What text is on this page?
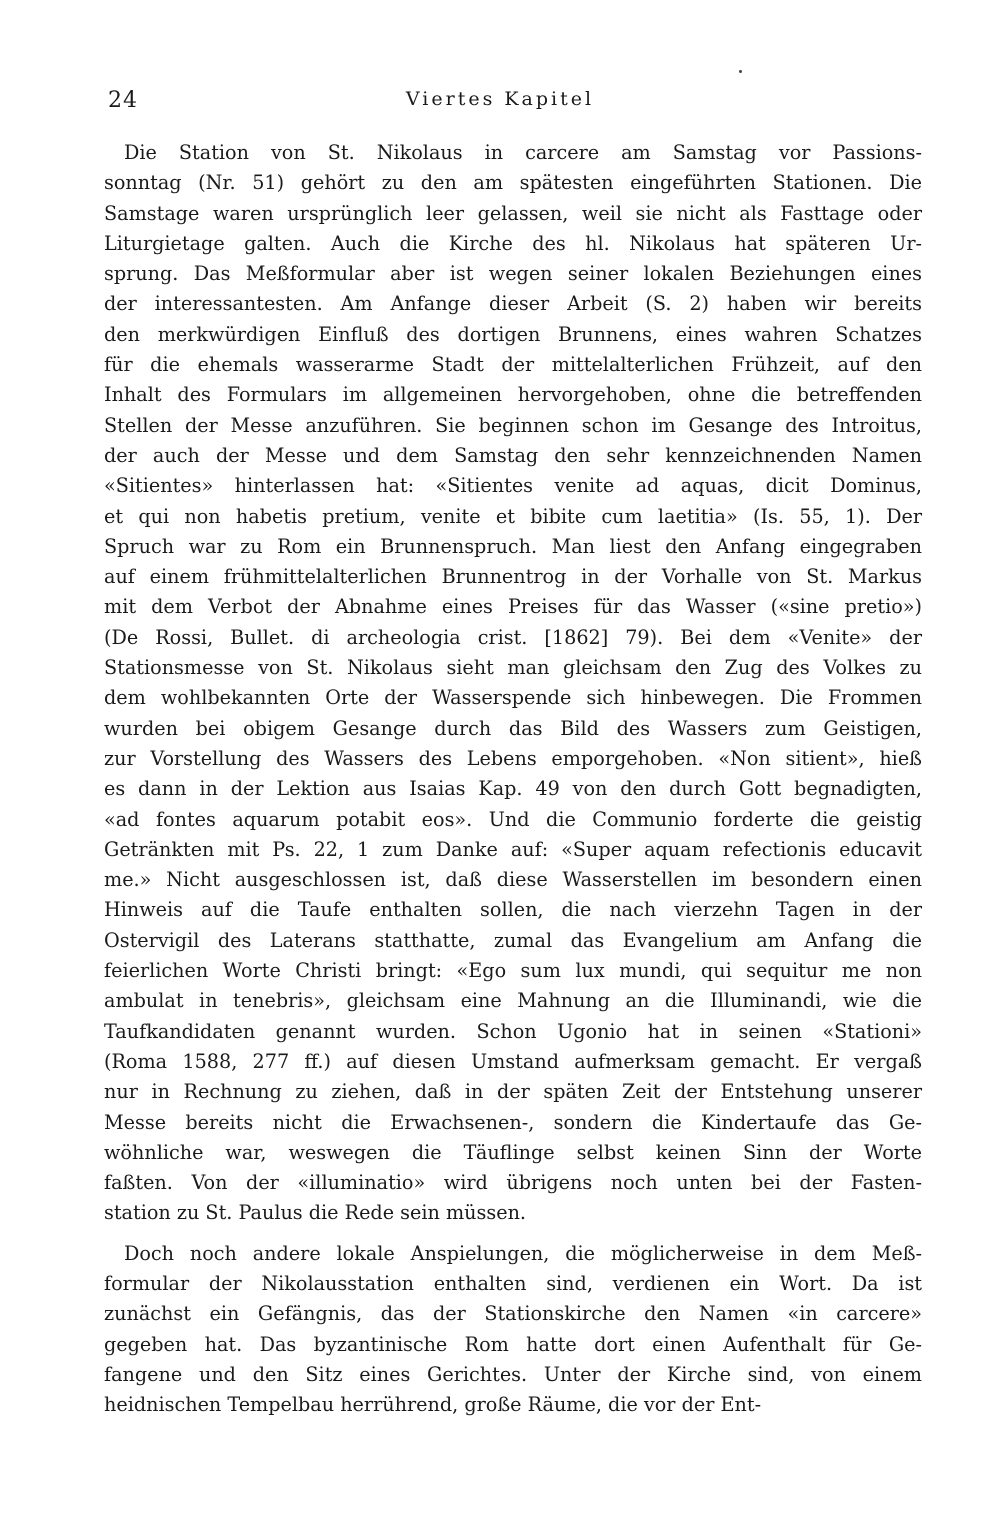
24	Viertes Kapitel
Die Station von St. Nikolaus in carcere am Samstag vor Passions-
sonntag (Nr. 51) gehört zu den am spätesten eingeführten Stationen. Die
Samstage waren ursprünglich leer gelassen, weil sie nicht als Fasttage oder
Liturgietage galten. Auch die Kirche des hl. Nikolaus hat späteren Ur-
sprung. Das Meßformular aber ist wegen seiner lokalen Beziehungen eines
der interessantesten. Am Anfange dieser Arbeit (S. 2) haben wir bereits
den merkwürdigen Einfluß des dortigen Brunnens, eines wahren Schatzes
für die ehemals wasserarme Stadt der mittelalterlichen Frühzeit, auf den
Inhalt des Formulars im allgemeinen hervorgehoben, ohne die betreffenden
Stellen der Messe anzuführen. Sie beginnen schon im Gesange des Introitus,
der auch der Messe und dem Samstag den sehr kennzeichnenden Namen
«Sitientes» hinterlassen hat: «Sitientes venite ad aquas, dicit Dominus,
et qui non habetis pretium, venite et bibite cum laetitia» (Is. 55, 1). Der
Spruch war zu Rom ein Brunnenspruch. Man liest den Anfang eingegraben
auf einem frühmittelalterlichen Brunnentrog in der Vorhalle von St. Markus
mit dem Verbot der Abnahme eines Preises für das Wasser («sine pretio»)
(De Rossi, Bullet. di archeologia crist. [1862] 79). Bei dem «Venite» der
Stationsmesse von St. Nikolaus sieht man gleichsam den Zug des Volkes zu
dem wohlbekannten Orte der Wasserspende sich hinbewegen. Die Frommen
wurden bei obigem Gesange durch das Bild des Wassers zum Geistigen,
zur Vorstellung des Wassers des Lebens emporgehoben. «Non sitient», hieß
es dann in der Lektion aus Isaias Kap. 49 von den durch Gott begnadigten,
«ad fontes aquarum potabit eos». Und die Communio forderte die geistig
Getränkten mit Ps. 22, 1 zum Danke auf: «Super aquam refectionis educavit
me.» Nicht ausgeschlossen ist, daß diese Wasserstellen im besondern einen
Hinweis auf die Taufe enthalten sollen, die nach vierzehn Tagen in der
Ostervigil des Laterans statthatte, zumal das Evangelium am Anfang die
feierlichen Worte Christi bringt: «Ego sum lux mundi, qui sequitur me non
ambulat in tenebris», gleichsam eine Mahnung an die Illuminandi, wie die
Taufkandidaten genannt wurden. Schon Ugonio hat in seinen «Stationi»
(Roma 1588, 277 ff.) auf diesen Umstand aufmerksam gemacht. Er vergaß
nur in Rechnung zu ziehen, daß in der späten Zeit der Entstehung unserer
Messe bereits nicht die Erwachsenen-, sondern die Kindertaufe das Ge-
wöhnliche war, weswegen die Täuflinge selbst keinen Sinn der Worte
faßten. Von der «illuminatio» wird übrigens noch unten bei der Fasten-
station zu St. Paulus die Rede sein müssen.
Doch noch andere lokale Anspielungen, die möglicherweise in dem Meß-
formular der Nikolausstation enthalten sind, verdienen ein Wort. Da ist
zunächst ein Gefängnis, das der Stationskirche den Namen «in carcere»
gegeben hat. Das byzantinische Rom hatte dort einen Aufenthalt für Ge-
fangene und den Sitz eines Gerichtes. Unter der Kirche sind, von einem
heidnischen Tempelbau herrührend, große Räume, die vor der Ent-
